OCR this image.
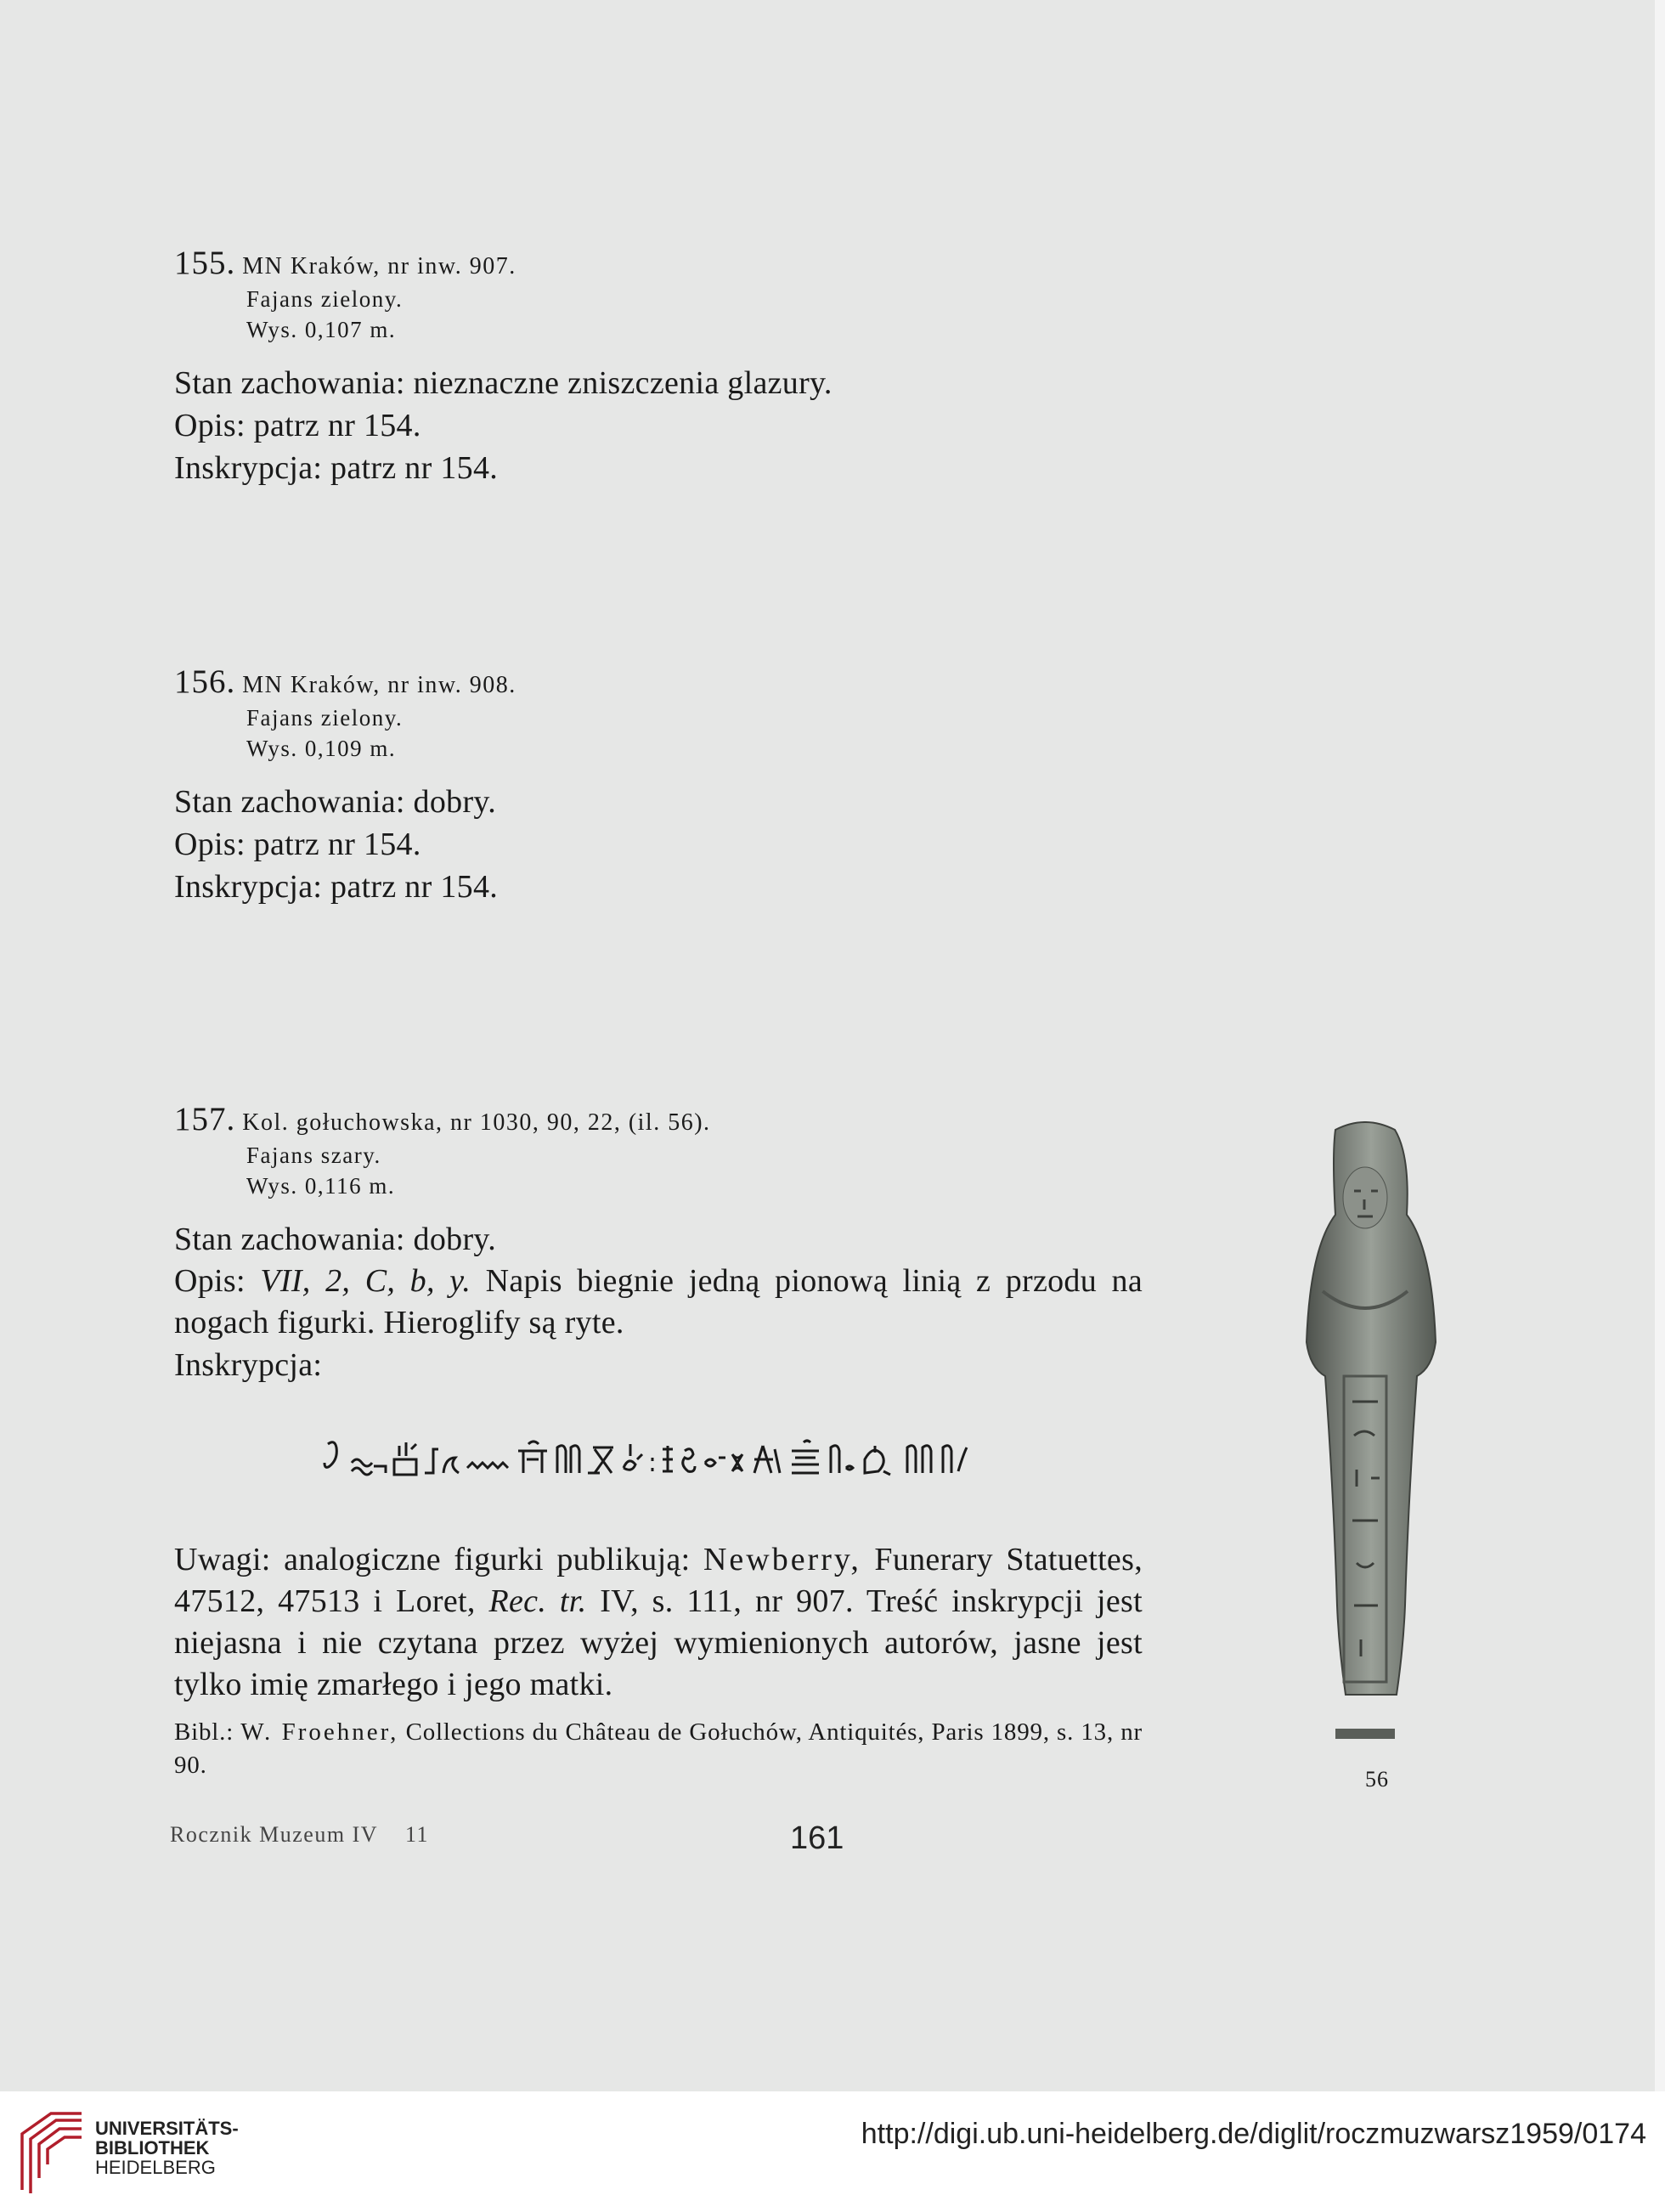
155. MN Kraków, nr inw. 907.
Fajans zielony.
Wys. 0,107 m.
Stan zachowania: nieznaczne zniszczenia glazury.
Opis: patrz nr 154.
Inskrypcja: patrz nr 154.
156. MN Kraków, nr inw. 908.
Fajans zielony.
Wys. 0,109 m.
Stan zachowania: dobry.
Opis: patrz nr 154.
Inskrypcja: patrz nr 154.
157. Kol. gołuchowska, nr 1030, 90, 22, (il. 56).
Fajans szary.
Wys. 0,116 m.
Stan zachowania: dobry.
Opis: VII, 2, C, b, y. Napis biegnie jedną pionową linią z przodu na nogach figurki. Hieroglify są ryte.
Inskrypcja:
Uwagi: analogiczne figurki publikują: Newberry, Funerary Statuettes, 47512, 47513 i Loret, Rec. tr. IV, s. 111, nr 907. Treść inskrypcji jest niejasna i nie czytana przez wyżej wymienionych autorów, jasne jest tylko imię zmarłego i jego matki.
Bibl.: W. Froehner, Collections du Château de Gołuchów, Antiquités, Paris 1899, s. 13, nr 90.
56
Rocznik Muzeum IV 11	161
UNIVERSITÄTS-
BIBLIOTHEK
HEIDELBERG
http://digi.ub.uni-heidelberg.de/diglit/roczmuzwarsz1959/0174
